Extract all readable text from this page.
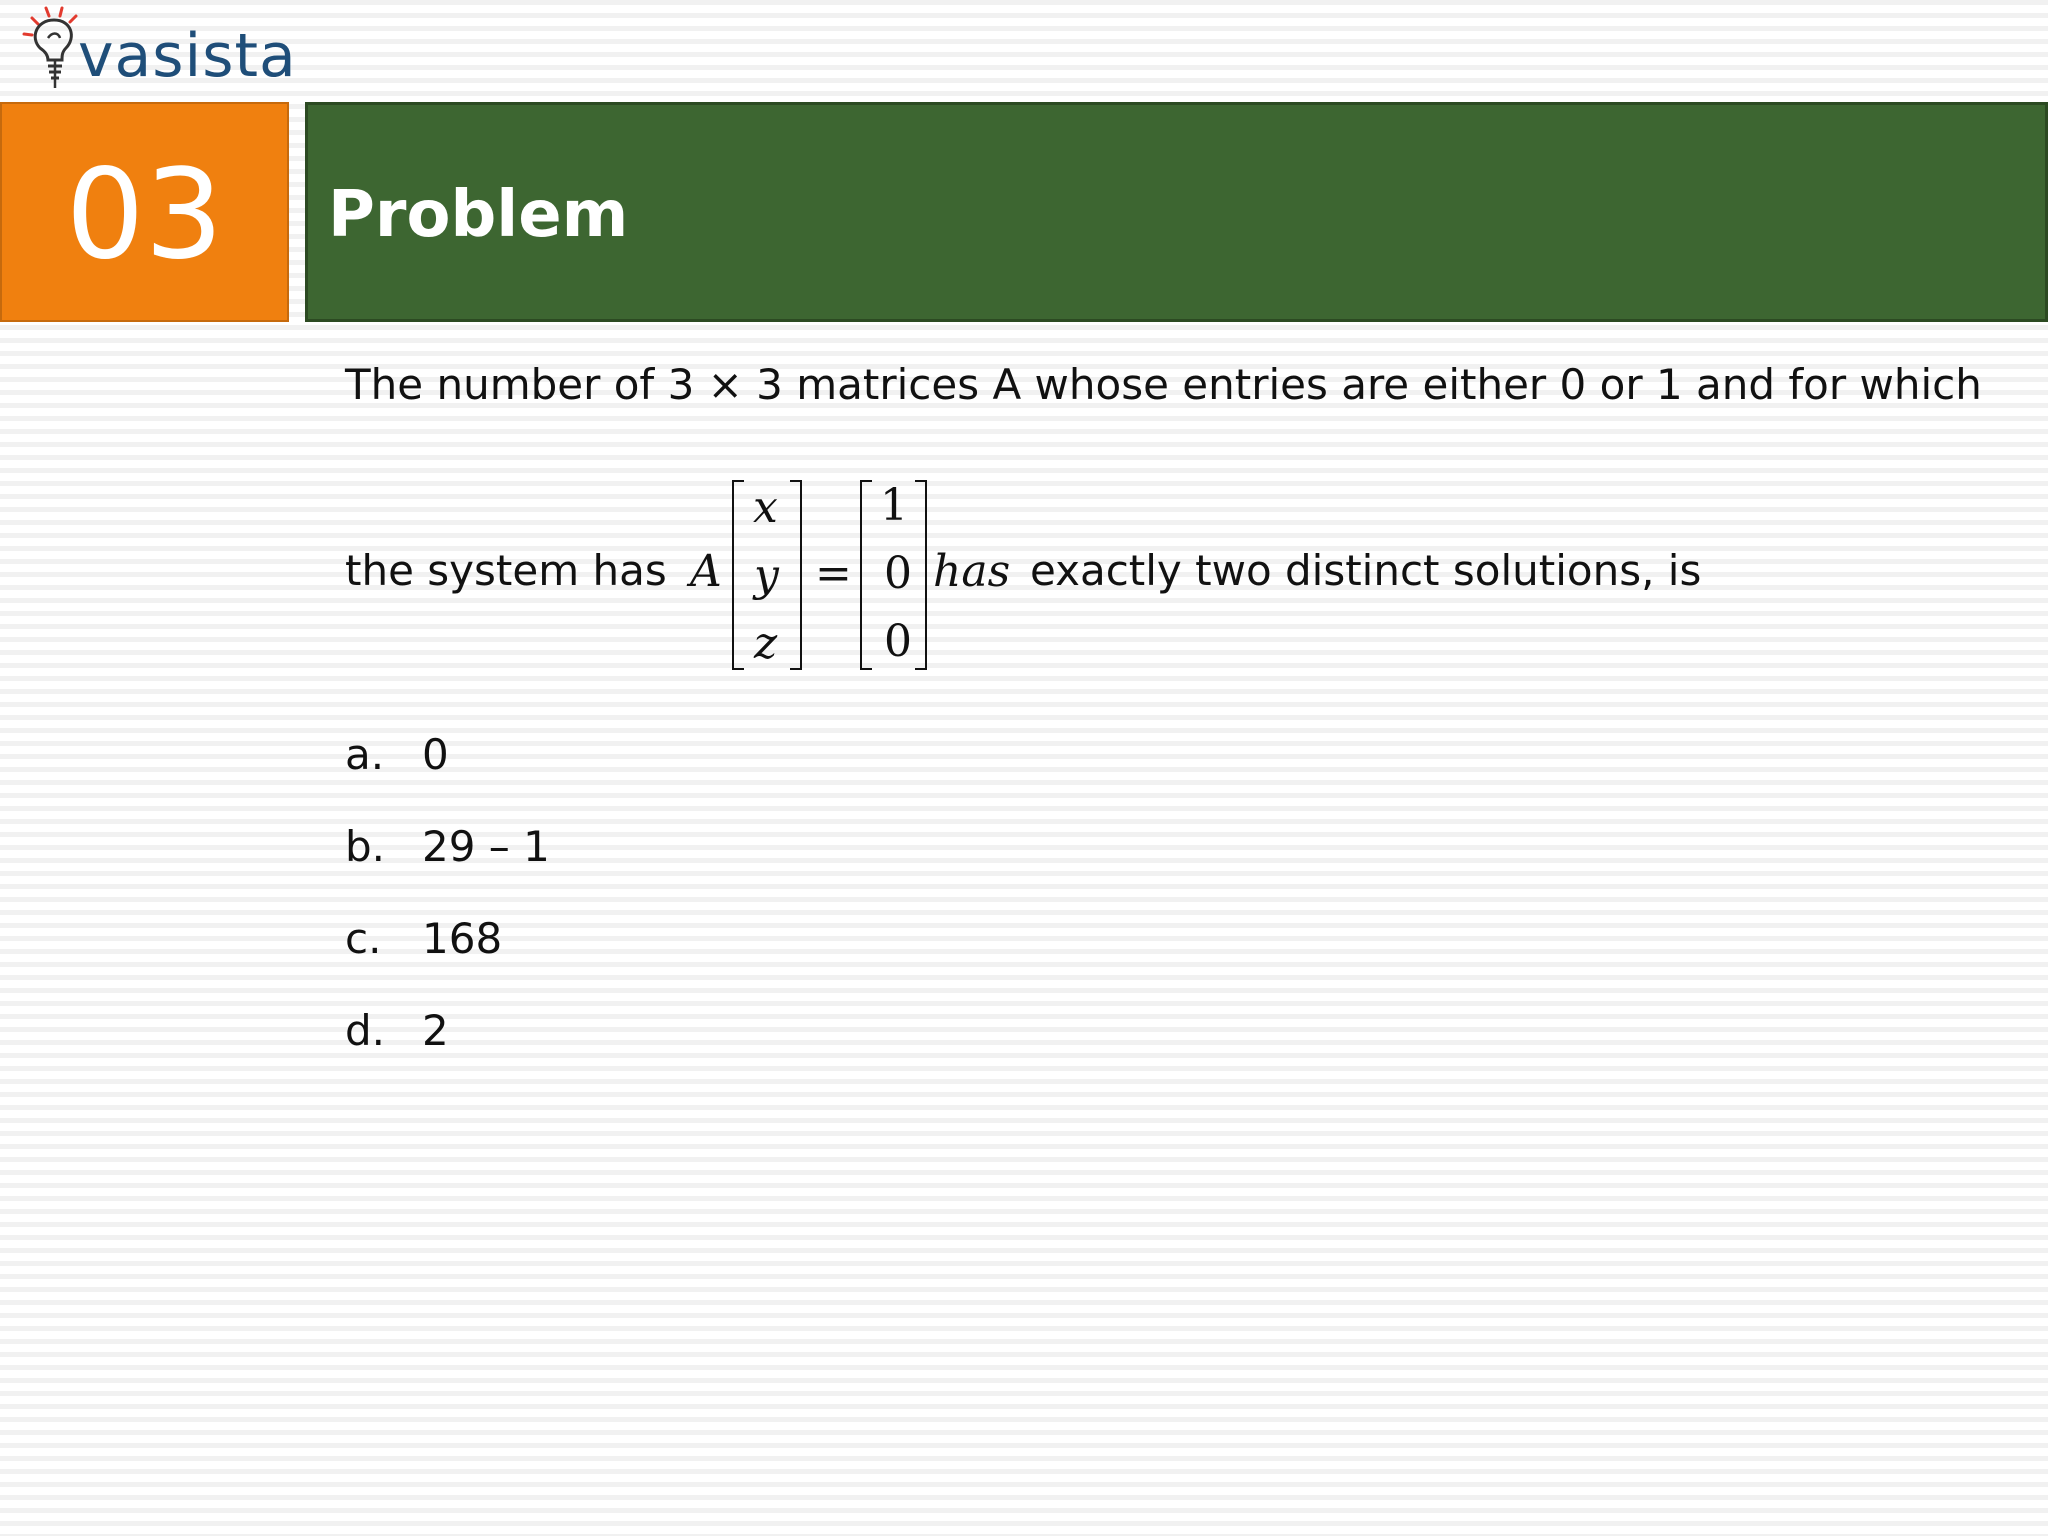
vasista
03 Problem
The number of 3 × 3 matrices A whose entries are either 0 or 1 and for which
the system has A
x
y
z
=
1
0
0
has exactly two distinct solutions, is
a. 0
b. 29 – 1
c. 168
d. 2
